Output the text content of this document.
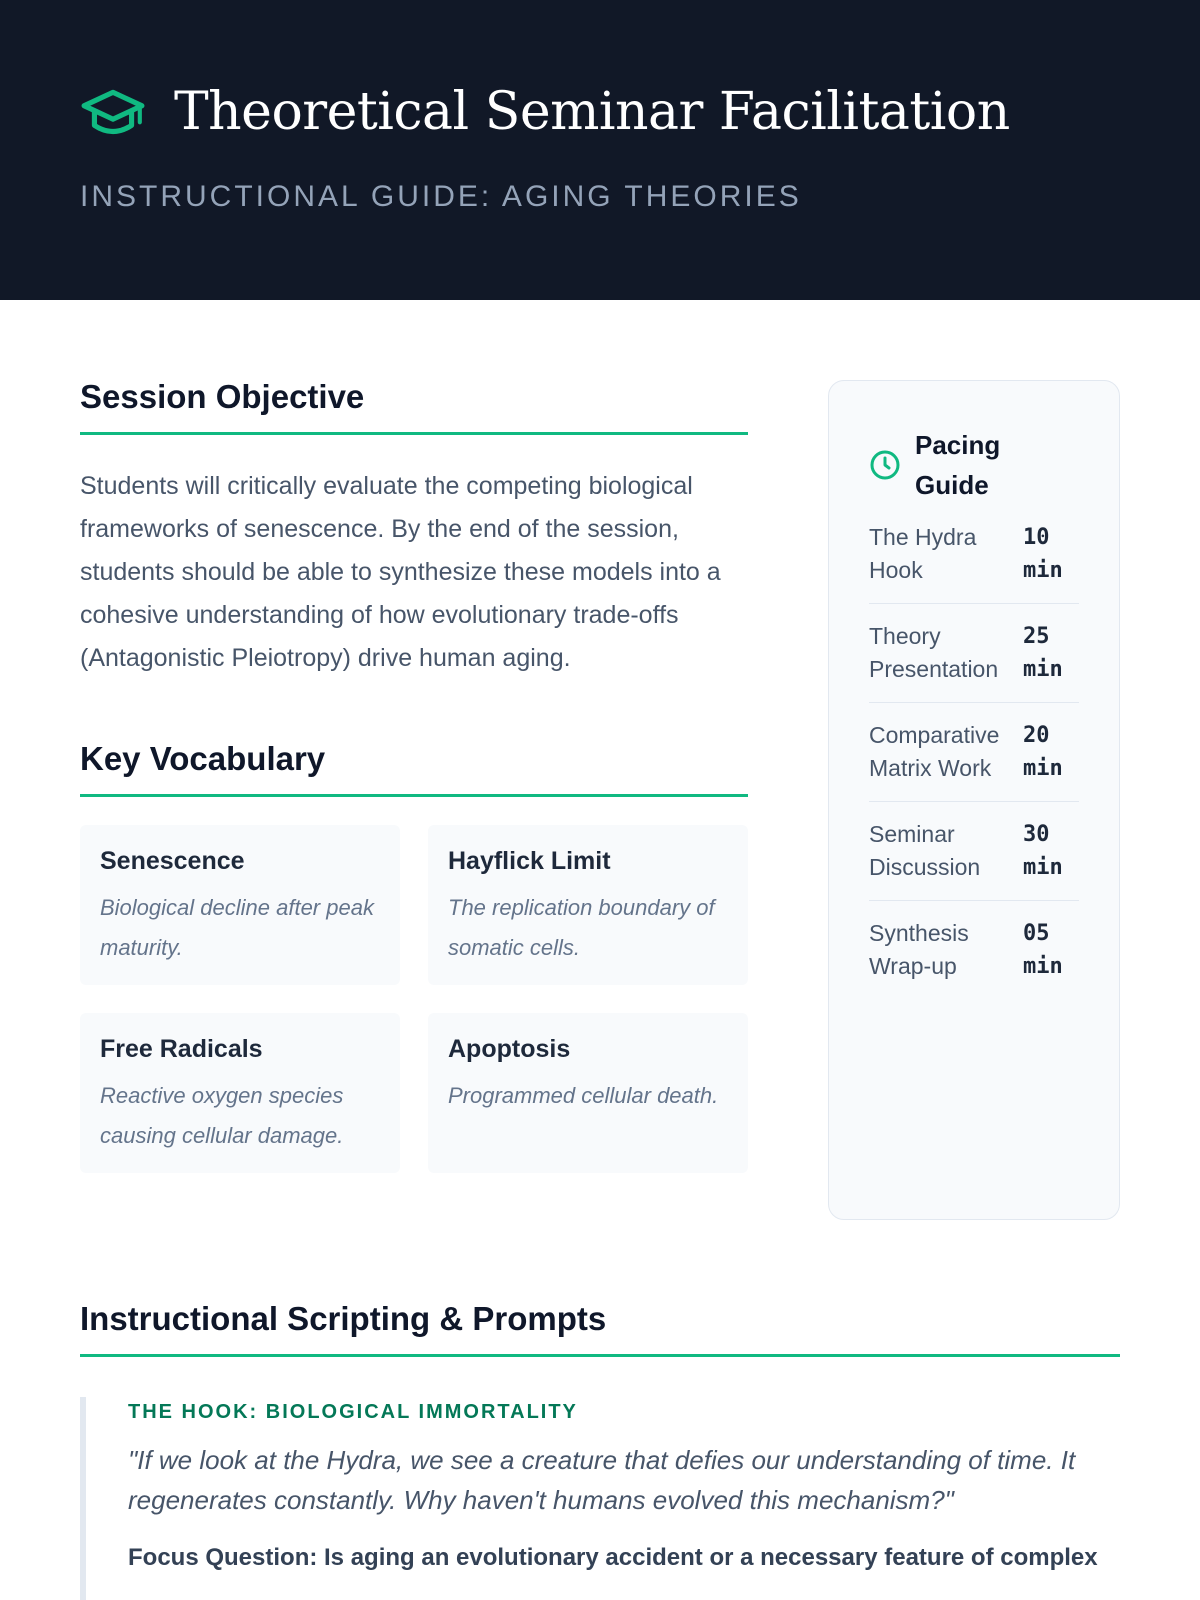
Theoretical Seminar Facilitation
INSTRUCTIONAL GUIDE: AGING THEORIES
Session Objective

Students will critically evaluate the competing biological frameworks of senescence. By the end of the session, students should be able to synthesize these models into a cohesive understanding of how evolutionary trade-offs (Antagonistic Pleiotropy) drive human aging.

Key Vocabulary
Senescence
Biological decline after peak maturity.
Hayflick Limit
The replication boundary of somatic cells.
Free Radicals
Reactive oxygen species causing cellular damage.
Apoptosis
Programmed cellular death.
Pacing Guide
The Hydra Hook
10 min
Theory Presentation
25 min
Comparative Matrix Work
20 min
Seminar Discussion
30 min
Synthesis Wrap-up
05 min
Instructional Scripting & Prompts
THE HOOK: BIOLOGICAL IMMORTALITY
"If we look at the Hydra, we see a creature that defies our understanding of time. It regenerates constantly. Why haven't humans evolved this mechanism?"
Focus Question: Is aging an evolutionary accident or a necessary feature of complex
